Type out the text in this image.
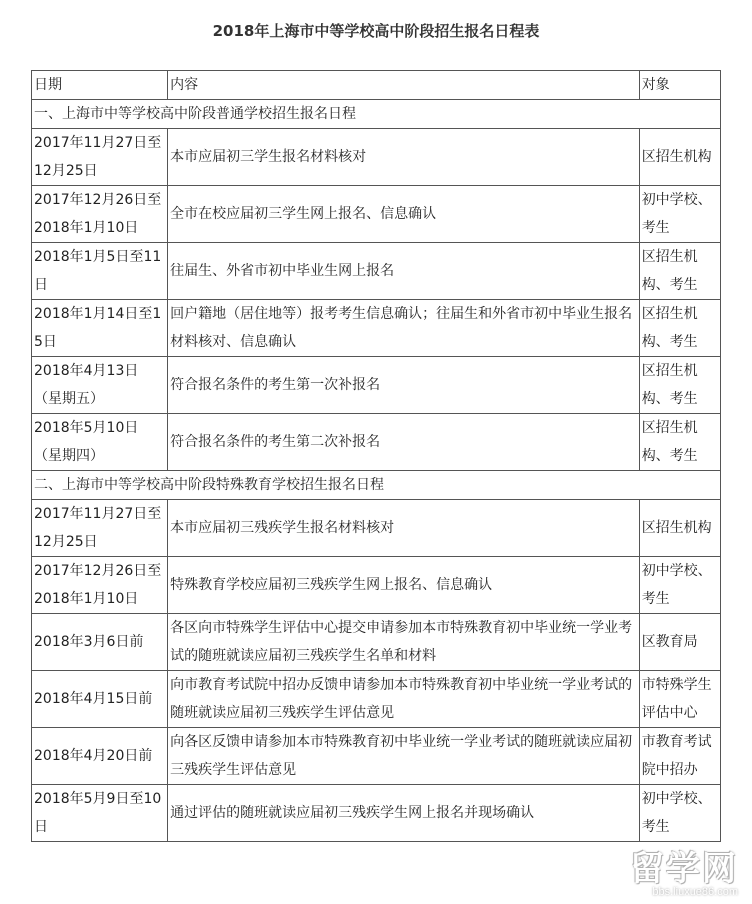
2018年上海市中等学校高中阶段招生报名日程表
日期	内容	对象
一、上海市中等学校高中阶段普通学校招生报名日程		
2017年11月27日至12月25日	本市应届初三学生报名材料核对	区招生机构
2017年12月26日至2018年1月10日	全市在校应届初三学生网上报名、信息确认	初中学校、考生
2018年1月5日至11日	往届生、外省市初中毕业生网上报名	区招生机构、考生
2018年1月14日至15日	回户籍地（居住地等）报考考生信息确认；往届生和外省市初中毕业生报名材料核对、信息确认	区招生机构、考生
2018年4月13日（星期五）	符合报名条件的考生第一次补报名	区招生机构、考生
2018年5月10日（星期四）	符合报名条件的考生第二次补报名	区招生机构、考生
二、上海市中等学校高中阶段特殊教育学校招生报名日程		
2017年11月27日至12月25日	本市应届初三残疾学生报名材料核对	区招生机构
2017年12月26日至2018年1月10日	特殊教育学校应届初三残疾学生网上报名、信息确认	初中学校、考生
2018年3月6日前	各区向市特殊学生评估中心提交申请参加本市特殊教育初中毕业统一学业考试的随班就读应届初三残疾学生名单和材料	区教育局
2018年4月15日前	向市教育考试院中招办反馈申请参加本市特殊教育初中毕业统一学业考试的随班就读应届初三残疾学生评估意见	市特殊学生评估中心
2018年4月20日前	向各区反馈申请参加本市特殊教育初中毕业统一学业考试的随班就读应届初三残疾学生评估意见	市教育考试院中招办
2018年5月9日至10日	通过评估的随班就读应届初三残疾学生网上报名并现场确认	初中学校、考生
留学网
bbs.liuxue86.com
